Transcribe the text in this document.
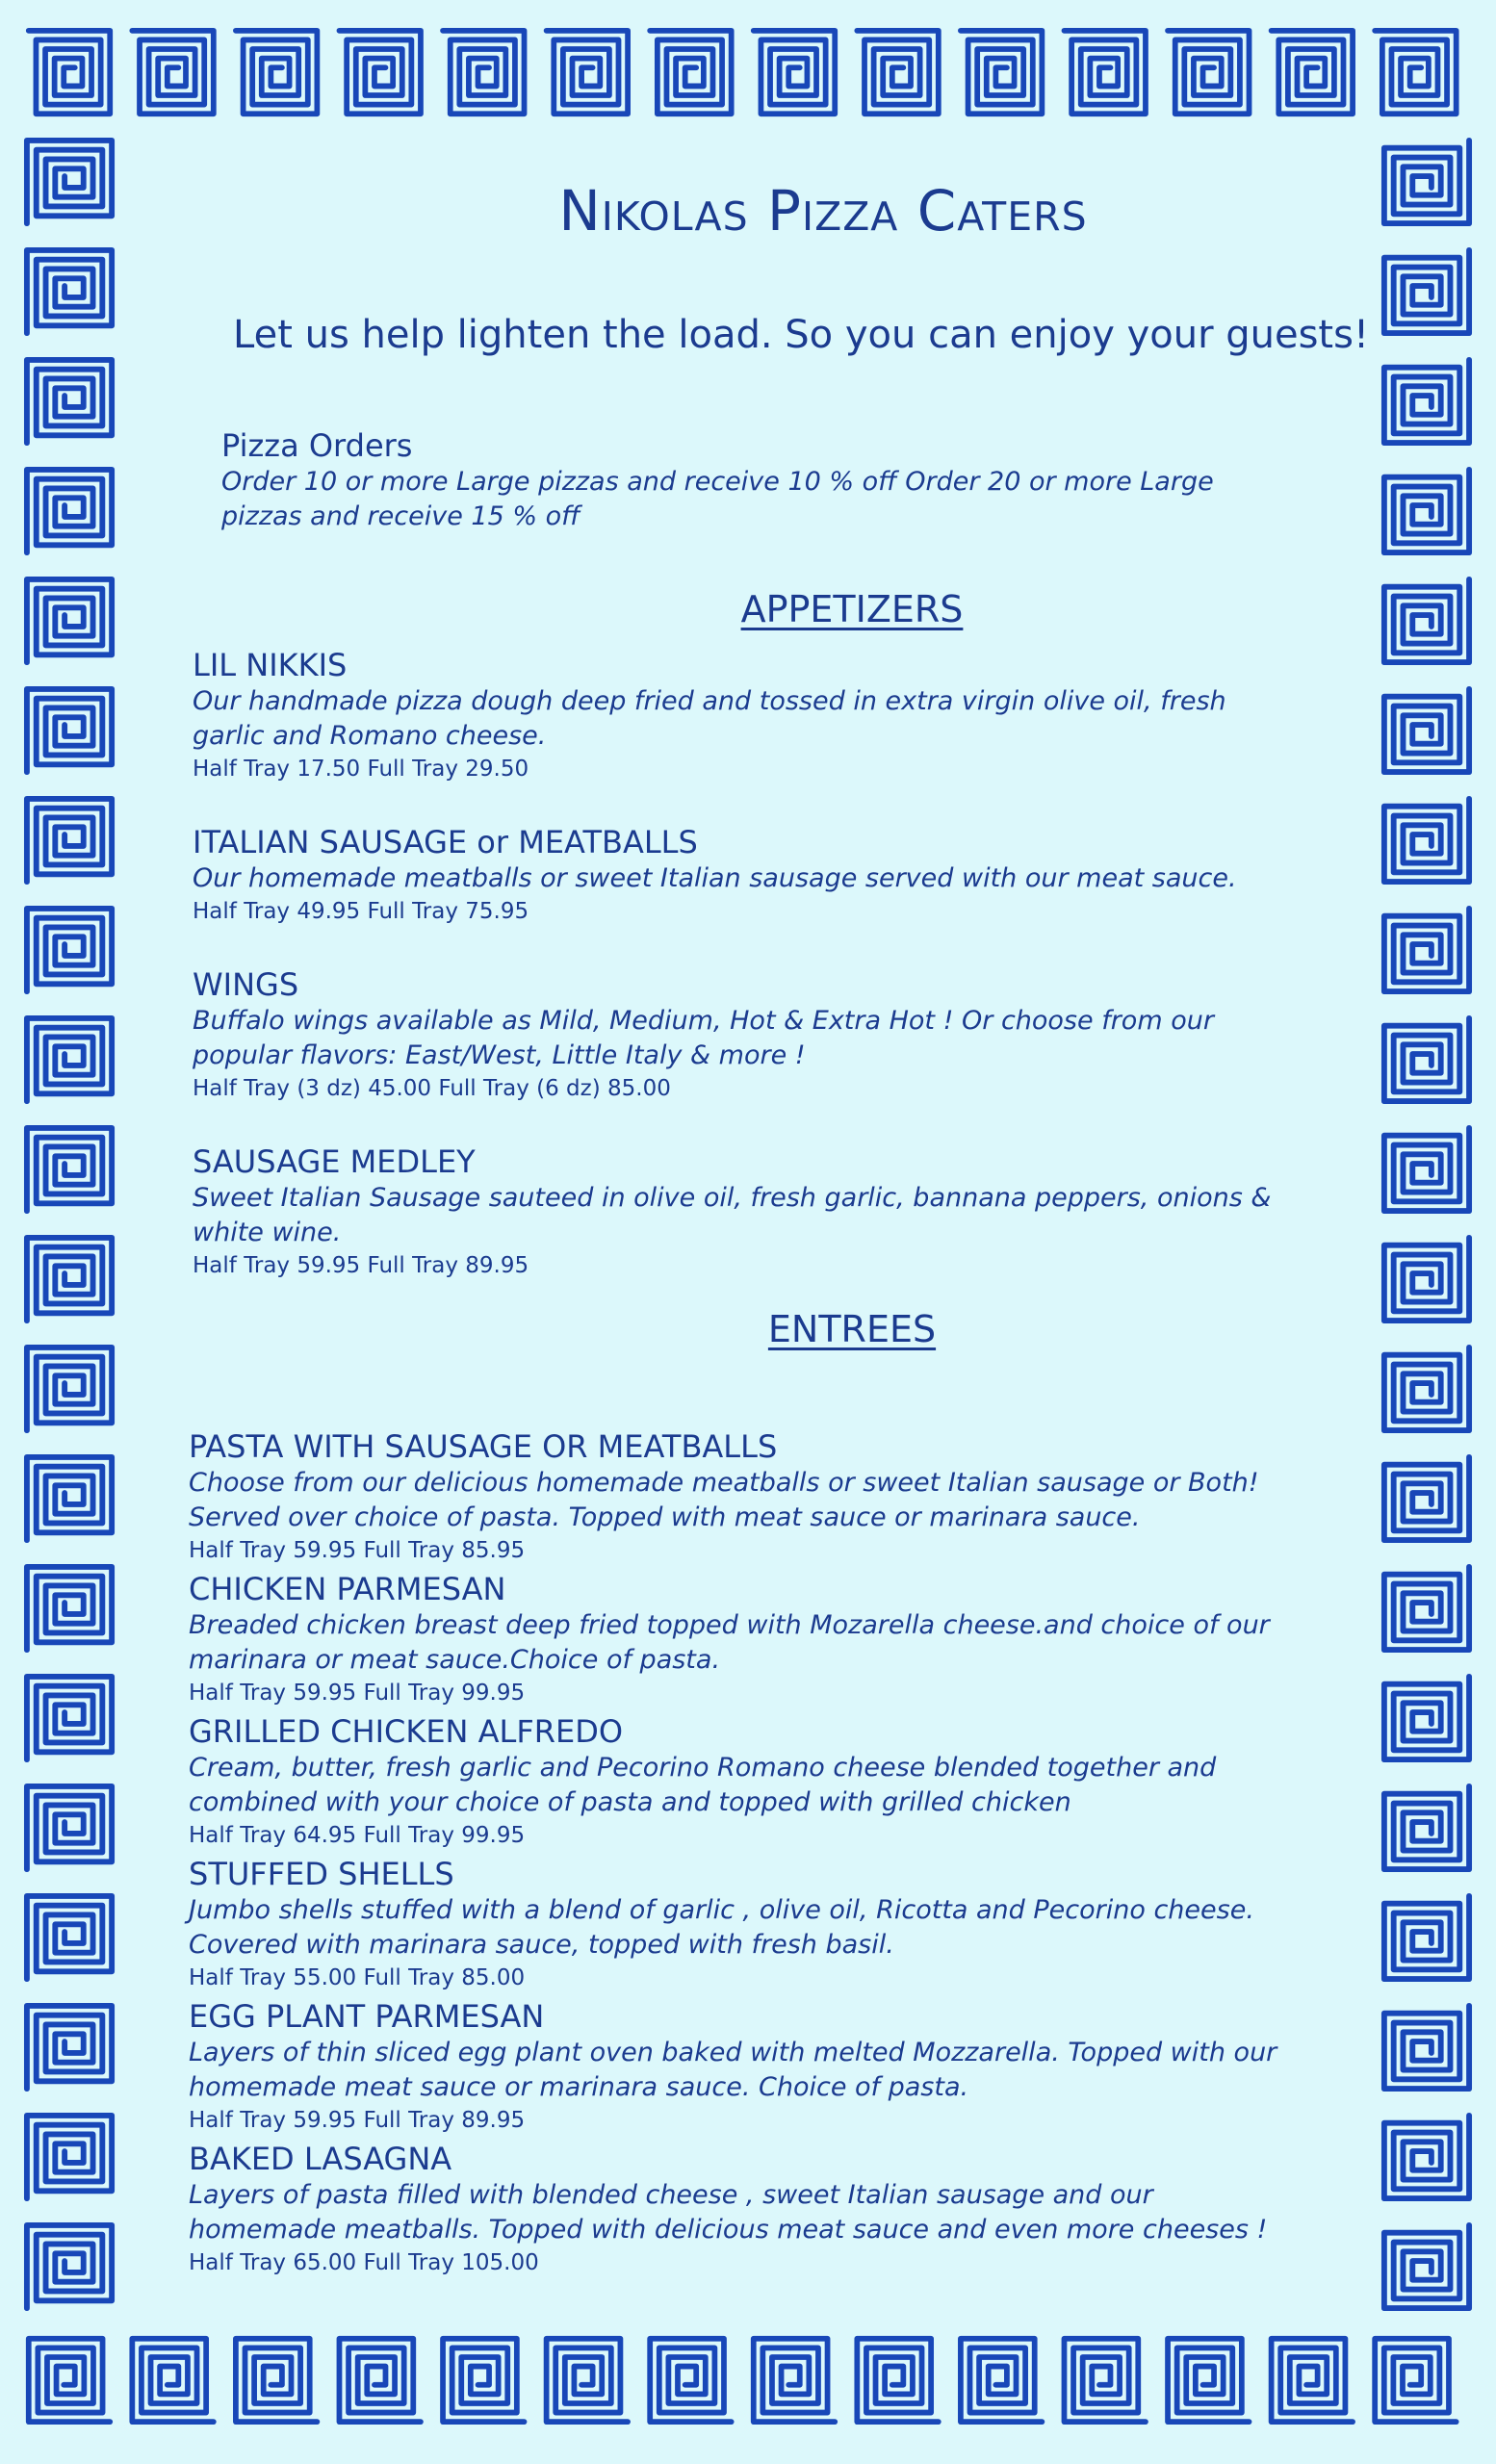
Nikolas Pizza Caters
Let us help lighten the load. So you can enjoy your guests!
Pizza Orders
Order 10 or more Large pizzas and receive 10 % off Order 20 or more Large pizzas and receive 15 % off
APPETIZERS
LIL NIKKIS
Our handmade pizza dough deep fried and tossed in extra virgin olive oil, fresh garlic and Romano cheese.
Half Tray 17.50 Full Tray 29.50
ITALIAN SAUSAGE or MEATBALLS
Our homemade meatballs or sweet Italian sausage served with our meat sauce.
Half Tray 49.95 Full Tray 75.95
WINGS
Buffalo wings available as Mild, Medium, Hot & Extra Hot ! Or choose from our popular flavors: East/West, Little Italy & more !
Half Tray (3 dz) 45.00 Full Tray (6 dz) 85.00
SAUSAGE MEDLEY
Sweet Italian Sausage sauteed in olive oil, fresh garlic, bannana peppers, onions & white wine.
Half Tray 59.95 Full Tray 89.95
ENTREES
PASTA WITH SAUSAGE OR MEATBALLS
Choose from our delicious homemade meatballs or sweet Italian sausage or Both! Served over choice of pasta. Topped with meat sauce or marinara sauce.
Half Tray 59.95 Full Tray 85.95
CHICKEN PARMESAN
Breaded chicken breast deep fried topped with Mozarella cheese.and choice of our marinara or meat sauce.Choice of pasta.
Half Tray 59.95 Full Tray 99.95
GRILLED CHICKEN ALFREDO
Cream, butter, fresh garlic and Pecorino Romano cheese blended together and combined with your choice of pasta and topped with grilled chicken
Half Tray 64.95 Full Tray 99.95
STUFFED SHELLS
Jumbo shells stuffed with a blend of garlic , olive oil, Ricotta and Pecorino cheese. Covered with marinara sauce, topped with fresh basil.
Half Tray 55.00 Full Tray 85.00
EGG PLANT PARMESAN
Layers of thin sliced egg plant oven baked with melted Mozzarella. Topped with our homemade meat sauce or marinara sauce. Choice of pasta.
Half Tray 59.95 Full Tray 89.95
BAKED LASAGNA
Layers of pasta filled with blended cheese , sweet Italian sausage and our homemade meatballs. Topped with delicious meat sauce and even more cheeses !
Half Tray 65.00 Full Tray 105.00
